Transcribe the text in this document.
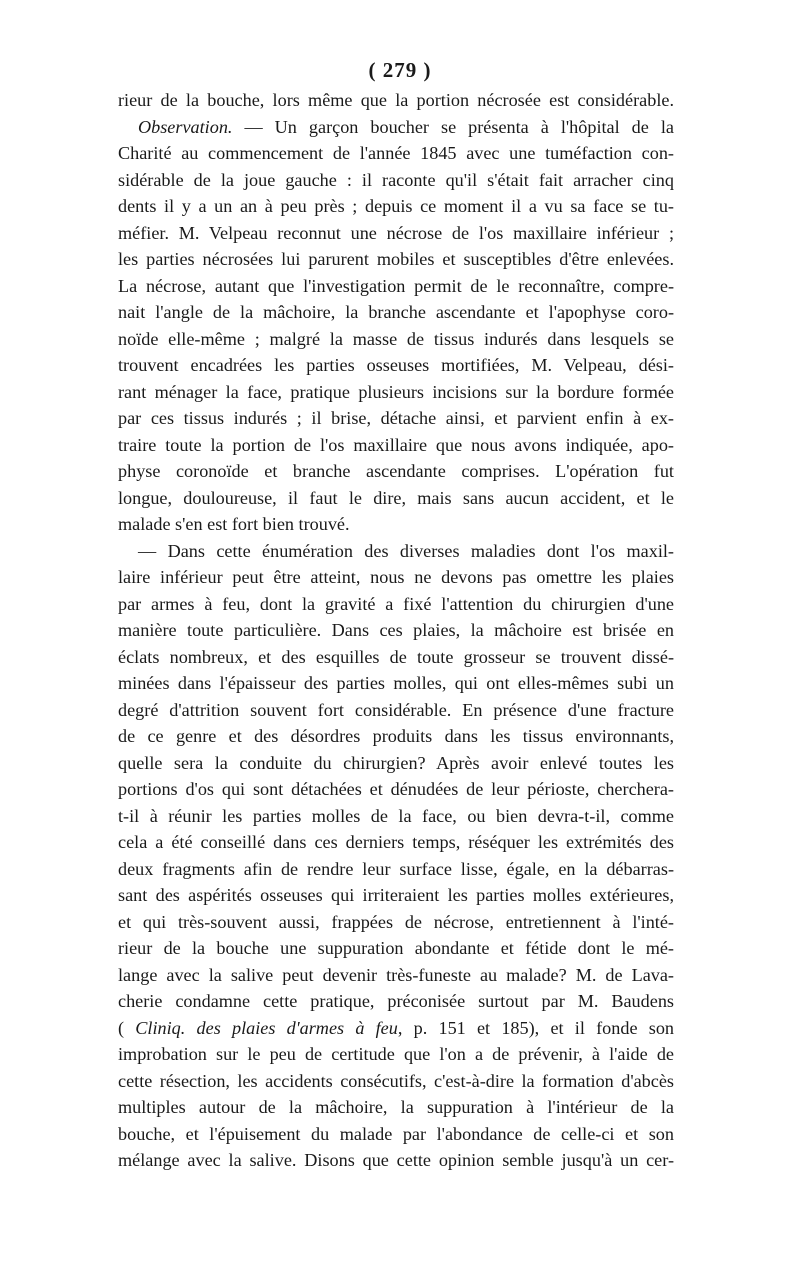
( 279 )
rieur de la bouche, lors même que la portion nécrosée est considérable.
Observation. — Un garçon boucher se présenta à l'hôpital de la
Charité au commencement de l'année 1845 avec une tuméfaction con-
sidérable de la joue gauche : il raconte qu'il s'était fait arracher cinq
dents il y a un an à peu près ; depuis ce moment il a vu sa face se tu-
méfier. M. Velpeau reconnut une nécrose de l'os maxillaire inférieur ;
les parties nécrosées lui parurent mobiles et susceptibles d'être enlevées.
La nécrose, autant que l'investigation permit de le reconnaître, compre-
nait l'angle de la mâchoire, la branche ascendante et l'apophyse coro-
noïde elle-même ; malgré la masse de tissus indurés dans lesquels se
trouvent encadrées les parties osseuses mortifiées, M. Velpeau, dési-
rant ménager la face, pratique plusieurs incisions sur la bordure formée
par ces tissus indurés ; il brise, détache ainsi, et parvient enfin à ex-
traire toute la portion de l'os maxillaire que nous avons indiquée, apo-
physe coronoïde et branche ascendante comprises. L'opération fut
longue, douloureuse, il faut le dire, mais sans aucun accident, et le
malade s'en est fort bien trouvé.
— Dans cette énumération des diverses maladies dont l'os maxil-
laire inférieur peut être atteint, nous ne devons pas omettre les plaies
par armes à feu, dont la gravité a fixé l'attention du chirurgien d'une
manière toute particulière. Dans ces plaies, la mâchoire est brisée en
éclats nombreux, et des esquilles de toute grosseur se trouvent dissé-
minées dans l'épaisseur des parties molles, qui ont elles-mêmes subi un
degré d'attrition souvent fort considérable. En présence d'une fracture
de ce genre et des désordres produits dans les tissus environnants,
quelle sera la conduite du chirurgien? Après avoir enlevé toutes les
portions d'os qui sont détachées et dénudées de leur périoste, cherchera-
t-il à réunir les parties molles de la face, ou bien devra-t-il, comme
cela a été conseillé dans ces derniers temps, réséquer les extrémités des
deux fragments afin de rendre leur surface lisse, égale, en la débarras-
sant des aspérités osseuses qui irriteraient les parties molles extérieures,
et qui très-souvent aussi, frappées de nécrose, entretiennent à l'inté-
rieur de la bouche une suppuration abondante et fétide dont le mé-
lange avec la salive peut devenir très-funeste au malade? M. de Lava-
cherie condamne cette pratique, préconisée surtout par M. Baudens
( Cliniq. des plaies d'armes à feu, p. 151 et 185), et il fonde son
improbation sur le peu de certitude que l'on a de prévenir, à l'aide de
cette résection, les accidents consécutifs, c'est-à-dire la formation d'abcès
multiples autour de la mâchoire, la suppuration à l'intérieur de la
bouche, et l'épuisement du malade par l'abondance de celle-ci et son
mélange avec la salive. Disons que cette opinion semble jusqu'à un cer-
